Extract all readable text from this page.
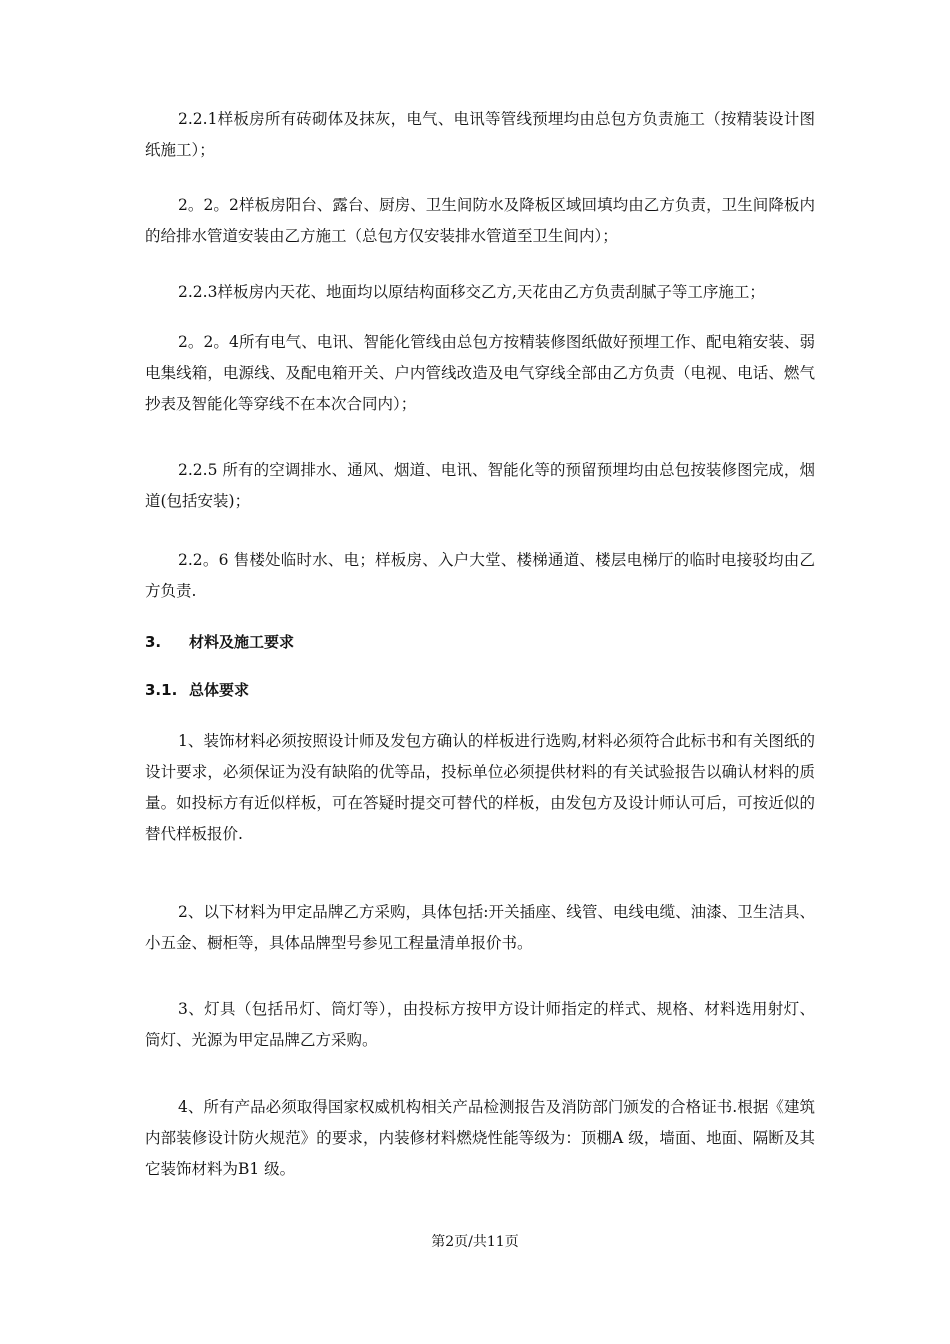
2.2.1样板房所有砖砌体及抹灰，电气、电讯等管线预埋均由总包方负责施工（按精装设计图纸施工）；

2。2。2样板房阳台、露台、厨房、卫生间防水及降板区域回填均由乙方负责，卫生间降板内的给排水管道安装由乙方施工（总包方仅安装排水管道至卫生间内）；

2.2.3样板房内天花、地面均以原结构面移交乙方,天花由乙方负责刮腻子等工序施工；

2。2。4所有电气、电讯、智能化管线由总包方按精装修图纸做好预埋工作、配电箱安装、弱电集线箱，电源线、及配电箱开关、户内管线改造及电气穿线全部由乙方负责（电视、电话、燃气抄表及智能化等穿线不在本次合同内）；

2.2.5 所有的空调排水、通风、烟道、电讯、智能化等的预留预埋均由总包按装修图完成，烟道(包括安装)；

2.2。6 售楼处临时水、电；样板房、入户大堂、楼梯通道、楼层电梯厅的临时电接驳均由乙方负责.

3. 材料及施工要求
3.1. 总体要求

1、装饰材料必须按照设计师及发包方确认的样板进行选购,材料必须符合此标书和有关图纸的设计要求，必须保证为没有缺陷的优等品，投标单位必须提供材料的有关试验报告以确认材料的质量。如投标方有近似样板，可在答疑时提交可替代的样板，由发包方及设计师认可后，可按近似的替代样板报价.

2、以下材料为甲定品牌乙方采购，具体包括:开关插座、线管、电线电缆、油漆、卫生洁具、小五金、橱柜等，具体品牌型号参见工程量清单报价书。

3、灯具（包括吊灯、筒灯等），由投标方按甲方设计师指定的样式、规格、材料选用射灯、筒灯、光源为甲定品牌乙方采购。

4、所有产品必须取得国家权威机构相关产品检测报告及消防部门颁发的合格证书.根据《建筑内部装修设计防火规范》的要求，内装修材料燃烧性能等级为：顶棚A 级，墙面、地面、隔断及其它装饰材料为B1 级。

第2页/共11页
